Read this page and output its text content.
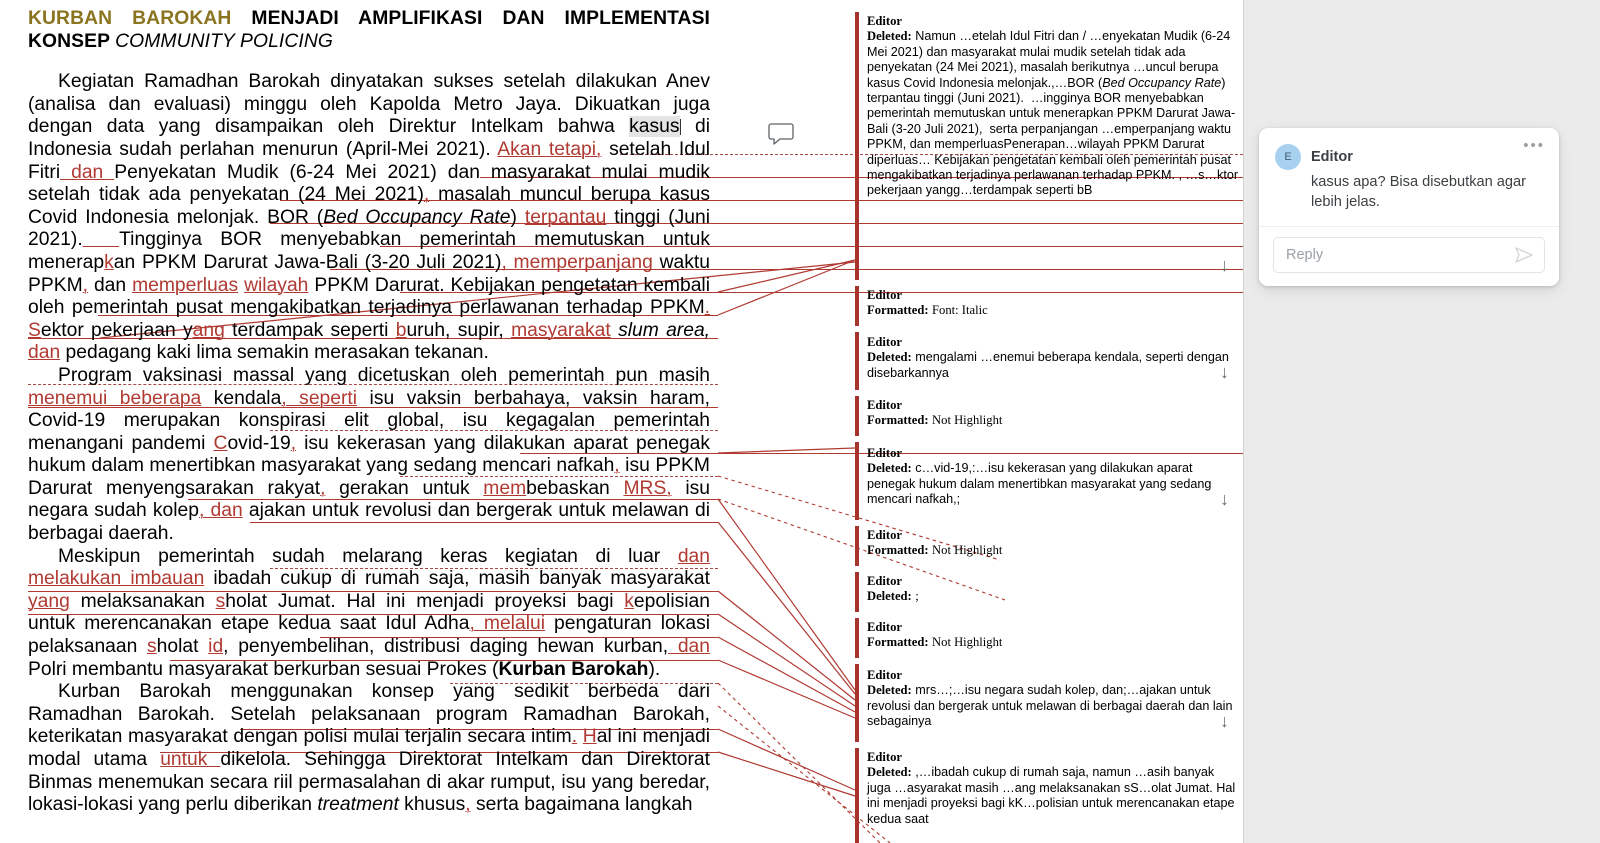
KURBAN BAROKAH MENJADI AMPLIFIKASI DAN IMPLEMENTASI KONSEP COMMUNITY POLICING

Kegiatan Ramadhan Barokah dinyatakan sukses setelah dilakukan Anev (analisa dan evaluasi) minggu oleh Kapolda Metro Jaya. Dikuatkan juga dengan data yang disampaikan oleh Direktur Intelkam bahwa kasus di Indonesia sudah perlahan menurun (April-Mei 2021). Akan tetapi, setelah Idul Fitri dan Penyekatan Mudik (6-24 Mei 2021) dan masyarakat mulai mudik setelah tidak ada penyekatan (24 Mei 2021), masalah muncul berupa kasus Covid Indonesia melonjak. BOR (Bed Occupancy Rate) terpantau tinggi (Juni 2021). Tingginya BOR menyebabkan pemerintah memutuskan untuk menerapkan PPKM Darurat Jawa-Bali (3-20 Juli 2021), memperpanjang waktu PPKM, dan memperluas wilayah PPKM Darurat. Kebijakan pengetatan kembali oleh pemerintah pusat mengakibatkan terjadinya perlawanan terhadap PPKM. Sektor pekerjaan yang terdampak seperti buruh, supir, masyarakat slum area, dan pedagang kaki lima semakin merasakan tekanan.

Program vaksinasi massal yang dicetuskan oleh pemerintah pun masih menemui beberapa kendala, seperti isu vaksin berbahaya, vaksin haram, Covid-19 merupakan konspirasi elit global, isu kegagalan pemerintah menangani pandemi Covid-19, isu kekerasan yang dilakukan aparat penegak hukum dalam menertibkan masyarakat yang sedang mencari nafkah, isu PPKM Darurat menyengsarakan rakyat, gerakan untuk membebaskan MRS, isu negara sudah kolep, dan ajakan untuk revolusi dan bergerak untuk melawan di berbagai daerah.

Meskipun pemerintah sudah melarang keras kegiatan di luar dan melakukan imbauan ibadah cukup di rumah saja, masih banyak masyarakat yang melaksanakan sholat Jumat. Hal ini menjadi proyeksi bagi kepolisian untuk merencanakan etape kedua saat Idul Adha, melalui pengaturan lokasi pelaksanaan sholat id, penyembelihan, distribusi daging hewan kurban, dan Polri membantu masyarakat berkurban sesuai Prokes (Kurban Barokah).

Kurban Barokah menggunakan konsep yang sedikit berbeda dari Ramadhan Barokah. Setelah pelaksanaan program Ramadhan Barokah, keterikatan masyarakat dengan polisi mulai terjalin secara intim. Hal ini menjadi modal utama untuk dikelola. Sehingga Direktorat Intelkam dan Direktorat Binmas menemukan secara riil permasalahan di akar rumput, isu yang beredar, lokasi-lokasi yang perlu diberikan treatment khusus, serta bagaimana langkah

Editor
Deleted: Namun …etelah Idul Fitri dan / …enyekatan Mudik (6-24 Mei 2021) dan masyarakat mulai mudik setelah tidak ada penyekatan (24 Mei 2021), masalah berikutnya …uncul berupa kasus Covid Indonesia melonjak.,…BOR (Bed Occupancy Rate) terpantau tinggi (Juni 2021).  …ingginya BOR menyebabkan pemerintah memutuskan untuk menerapkan PPKM Darurat Jawa-Bali (3-20 Juli 2021),  serta perpanjangan …emperpanjang waktu PPKM, dan memperluasPenerapan…wilayah PPKM Darurat diperluas… Kebijakan pengetatan kembali oleh pemerintah pusat mengakibatkan terjadinya perlawanan terhadap PPKM. , …s…ktor pekerjaan yangg…terdampak seperti bB
↓
Editor
Formatted: Font: Italic
Editor
Deleted: mengalami …enemui beberapa kendala, seperti dengan disebarkannya	↓
Editor
Formatted: Not Highlight
Editor
Deleted: c…vid-19,:…isu kekerasan yang dilakukan aparat penegak hukum dalam menertibkan masyarakat yang sedang mencari nafkah,;	↓
Editor
Formatted: Not Highlight
Editor
Deleted: ;
Editor
Formatted: Not Highlight
Editor
Deleted: mrs…;…isu negara sudah kolep, dan;…ajakan untuk revolusi dan bergerak untuk melawan di berbagai daerah dan lain sebagainya	↓
Editor
Deleted: ,…ibadah cukup di rumah saja, namun …asih banyak juga …asyarakat masih …ang melaksanakan sS…olat Jumat. Hal ini menjadi proyeksi bagi kK…polisian untuk merencanakan etape kedua saat
•••
E	Editor
kasus apa? Bisa disebutkan agar lebih jelas.
Reply
